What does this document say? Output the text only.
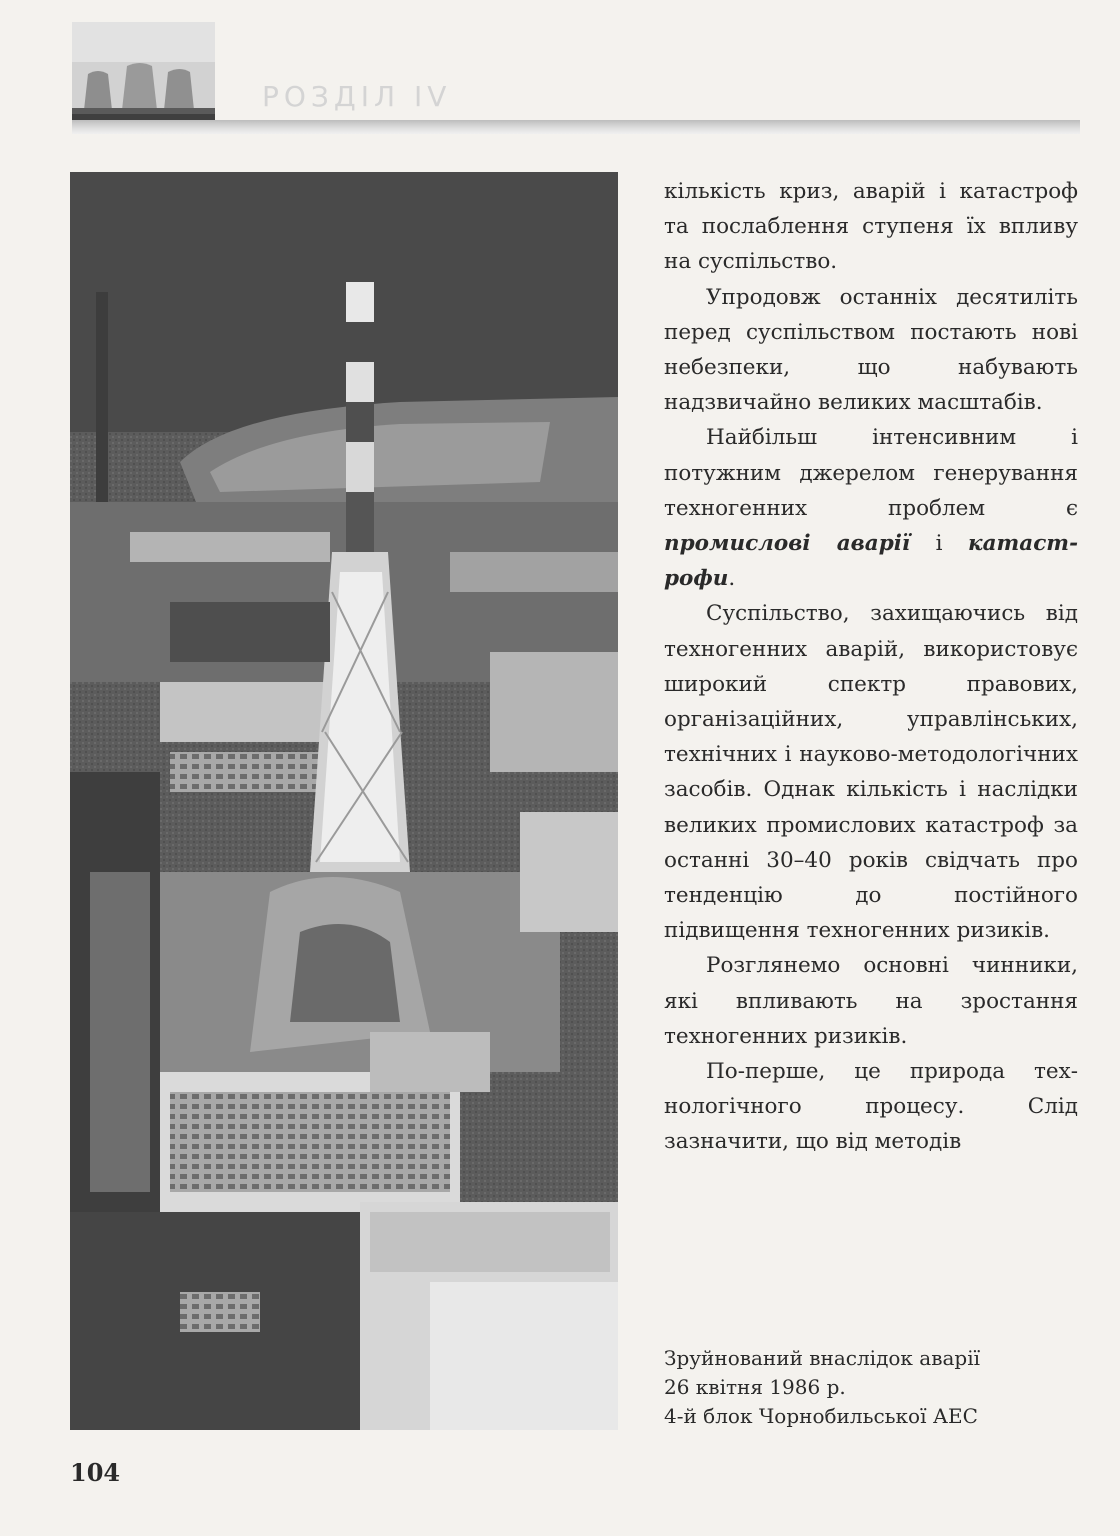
РОЗДІЛ IV

кількість криз, аварій і катастроф та послаблення ступеня їх впливу на суспільство.

Упродовж останніх десятиліть перед суспільством постають нові небезпеки, що набувають надзвичайно великих масштабів.

Найбільш інтенсивним і потужним джерелом генерування техногенних проблем є промислові аварії і катастрофи.

Суспільство, захищаючись від техногенних аварій, використовує широкий спектр правових, організаційних, управлінських, технічних і науково-методологічних засобів. Однак кількість і наслідки великих промислових катастроф за останні 30–40 років свідчать про тенденцію до постійного підвищення техногенних ризиків.

Розглянемо основні чинники, які впливають на зростання техногенних ризиків.

По-перше, це природа технологічного процесу. Слід зазначити, що від методів

Зруйнований внаслідок аварії
26 квітня 1986 р.
4-й блок Чорнобильської АЕС
104
